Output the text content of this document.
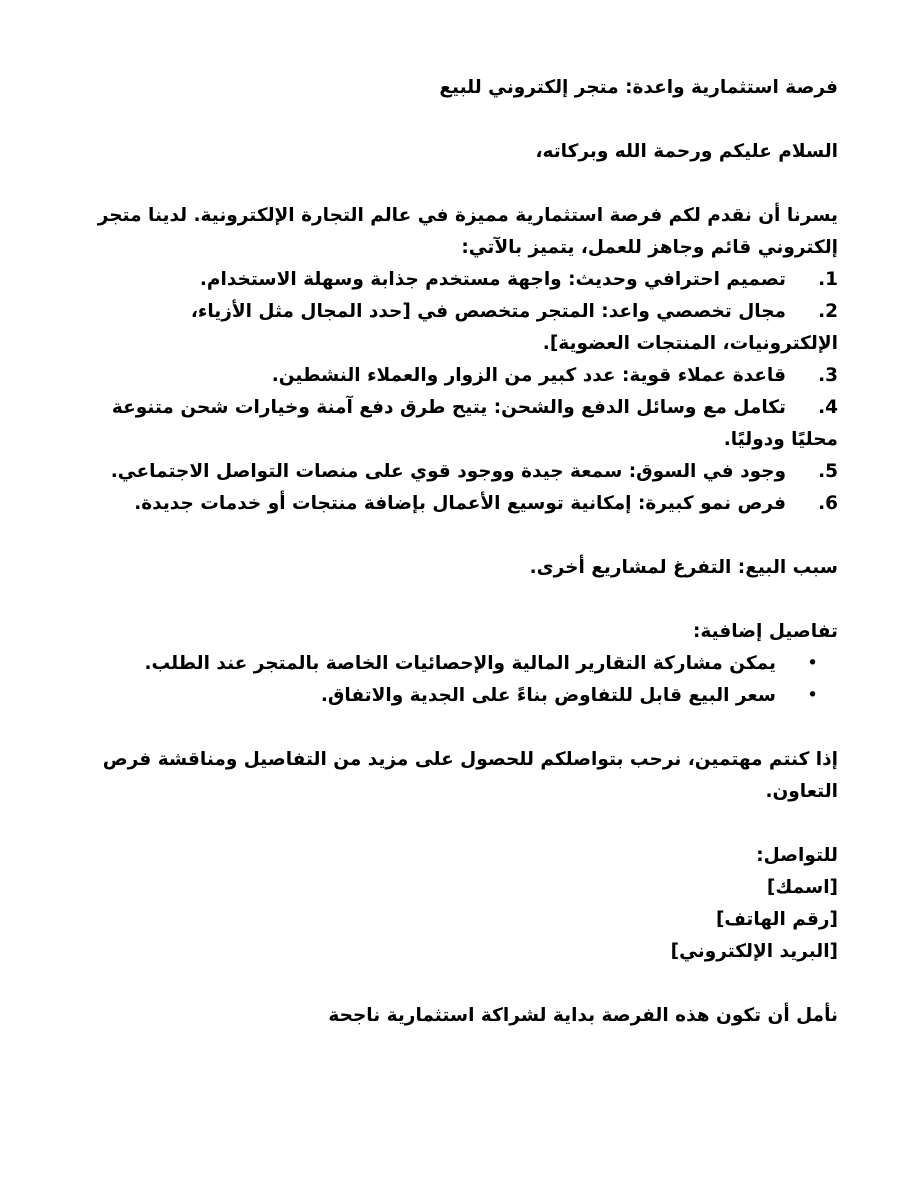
فرصة استثمارية واعدة: متجر إلكتروني للبيع

السلام عليكم ورحمة الله وبركاته،

يسرنا أن نقدم لكم فرصة استثمارية مميزة في عالم التجارة الإلكترونية. لدينا متجر إلكتروني قائم وجاهز للعمل، يتميز بالآتي:

1.
تصميم احترافي وحديث: واجهة مستخدم جذابة وسهلة الاستخدام.
2.
مجال تخصصي واعد: المتجر متخصص في [حدد المجال مثل الأزياء، الإلكترونيات، المنتجات العضوية].
3.
قاعدة عملاء قوية: عدد كبير من الزوار والعملاء النشطين.
4.
تكامل مع وسائل الدفع والشحن: يتيح طرق دفع آمنة وخيارات شحن متنوعة محليًا ودوليًا.
5.
وجود في السوق: سمعة جيدة ووجود قوي على منصات التواصل الاجتماعي.
6.
فرص نمو كبيرة: إمكانية توسيع الأعمال بإضافة منتجات أو خدمات جديدة.

سبب البيع: التفرغ لمشاريع أخرى.

تفاصيل إضافية:

•
يمكن مشاركة التقارير المالية والإحصائيات الخاصة بالمتجر عند الطلب.
•
سعر البيع قابل للتفاوض بناءً على الجدية والاتفاق.

إذا كنتم مهتمين، نرحب بتواصلكم للحصول على مزيد من التفاصيل ومناقشة فرص التعاون.

للتواصل:

[اسمك]

[رقم الهاتف]

[البريد الإلكتروني]

نأمل أن تكون هذه الفرصة بداية لشراكة استثمارية ناجحة
